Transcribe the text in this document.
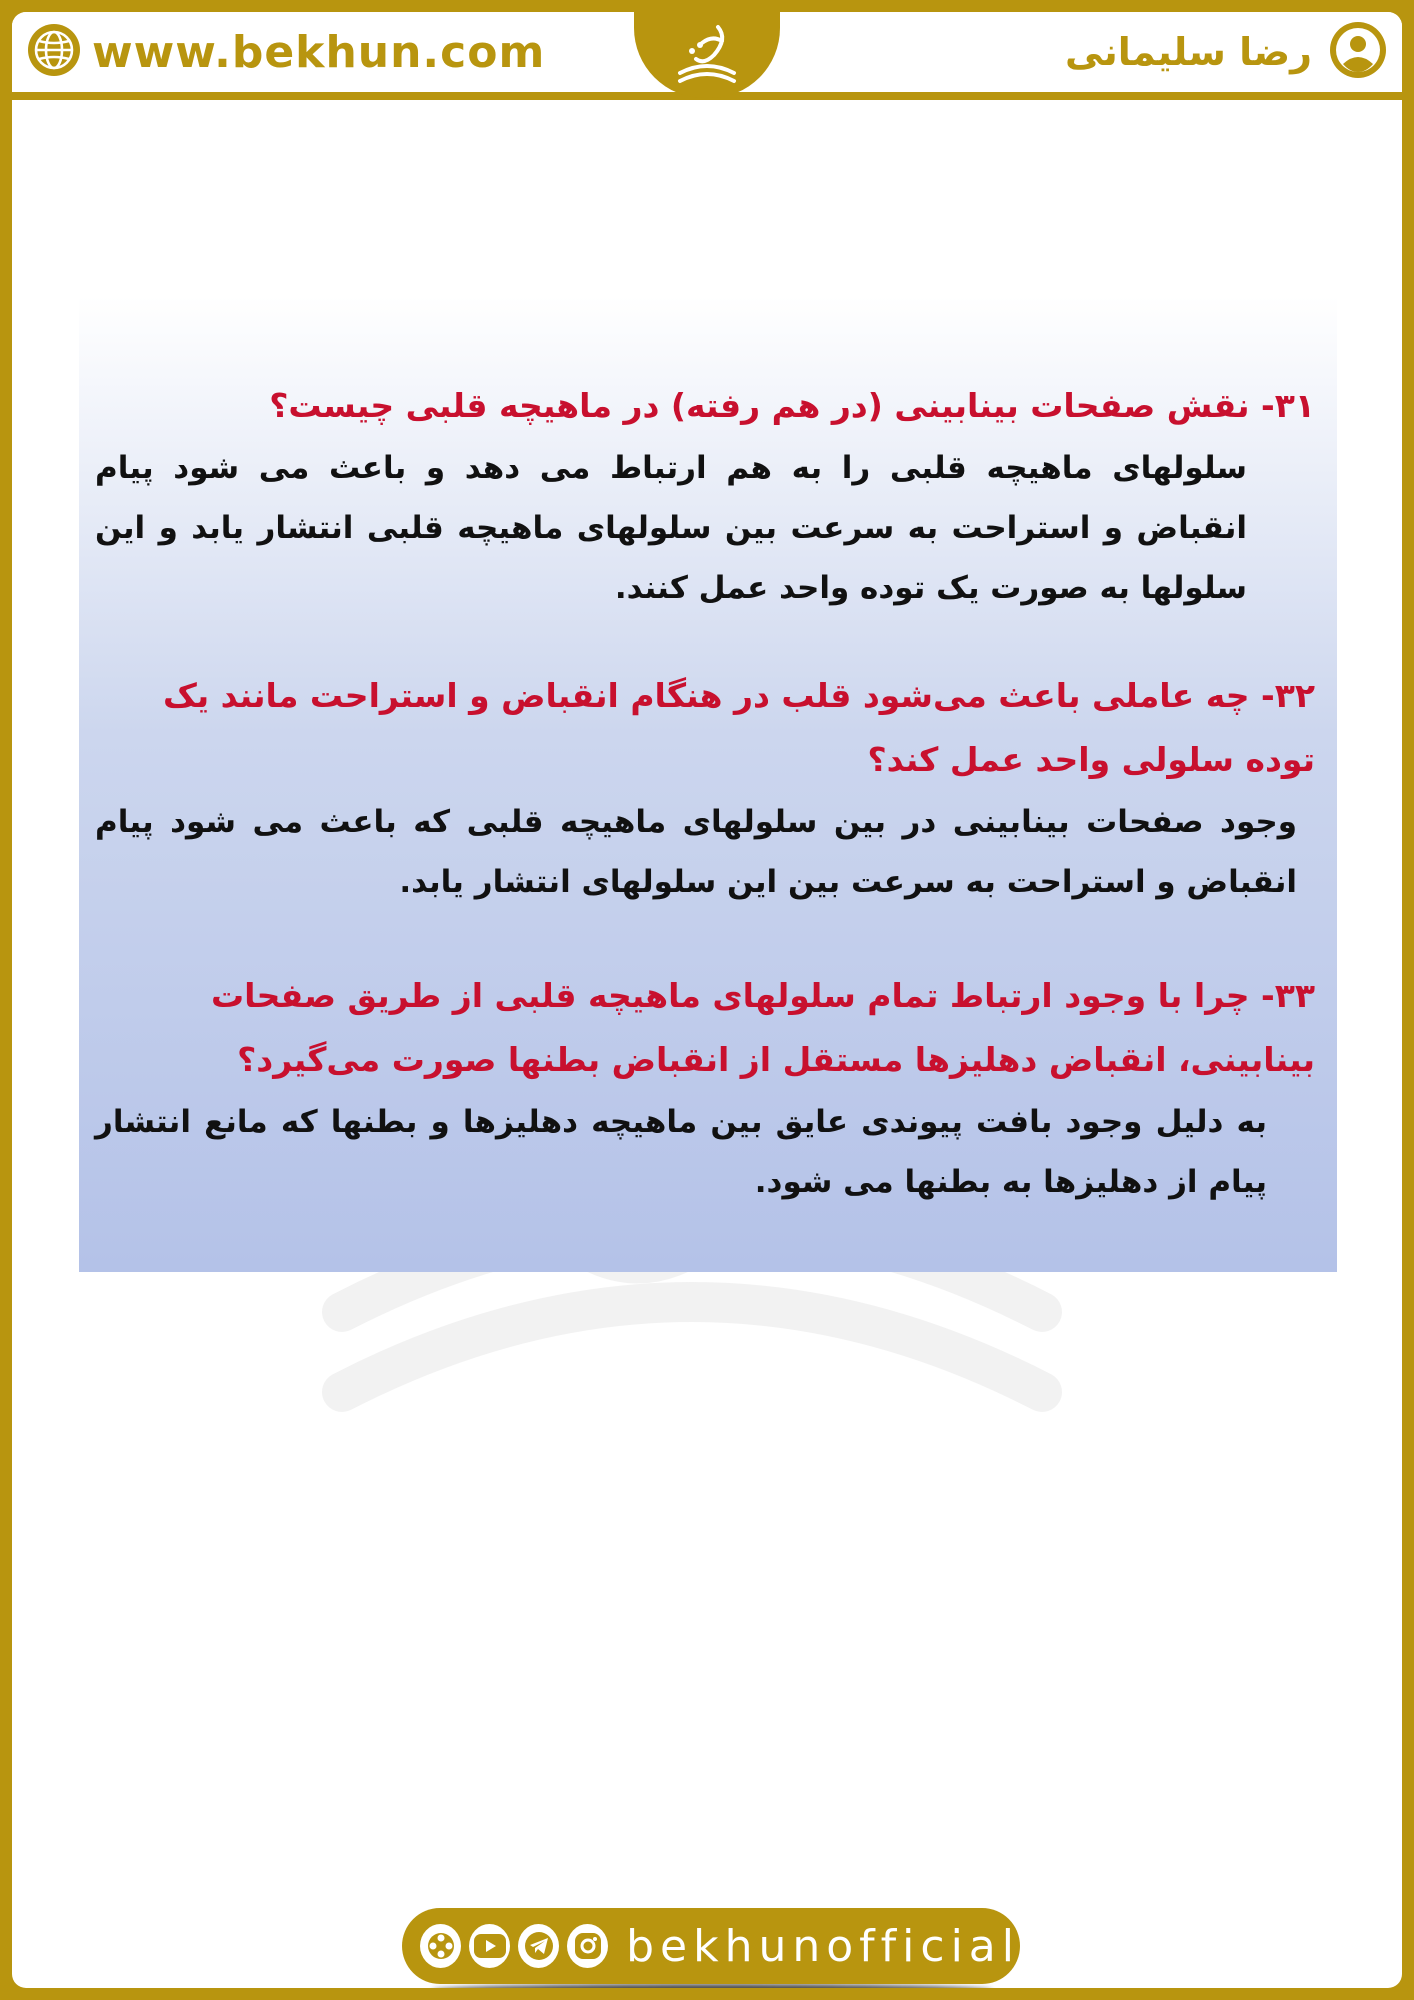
www.bekhun.com	رضا سلیمانی

۳۱- نقش صفحات بینابینی (در هم رفته) در ماهیچه قلبی چیست؟

سلولهای ماهیچه قلبی را به هم ارتباط می دهد و باعث می شود پیام انقباض و استراحت به سرعت بین سلولهای ماهیچه قلبی انتشار یابد و این سلولها به صورت یک توده واحد عمل کنند.

۳۲- چه عاملی باعث می‌شود قلب در هنگام انقباض و استراحت مانند یک توده سلولی واحد عمل کند؟

وجود صفحات بینابینی در بین سلولهای ماهیچه قلبی که باعث می شود پیام انقباض و استراحت به سرعت بین این سلولهای انتشار یابد.

۳۳- چرا با وجود ارتباط تمام سلولهای ماهیچه قلبی از طریق صفحات بینابینی، انقباض دهلیزها مستقل از انقباض بطنها صورت می‌گیرد؟

به دلیل وجود بافت پیوندی عایق بین ماهیچه دهلیزها و بطنها که مانع انتشار پیام از دهلیزها به بطنها می شود.

bekhunofficial
